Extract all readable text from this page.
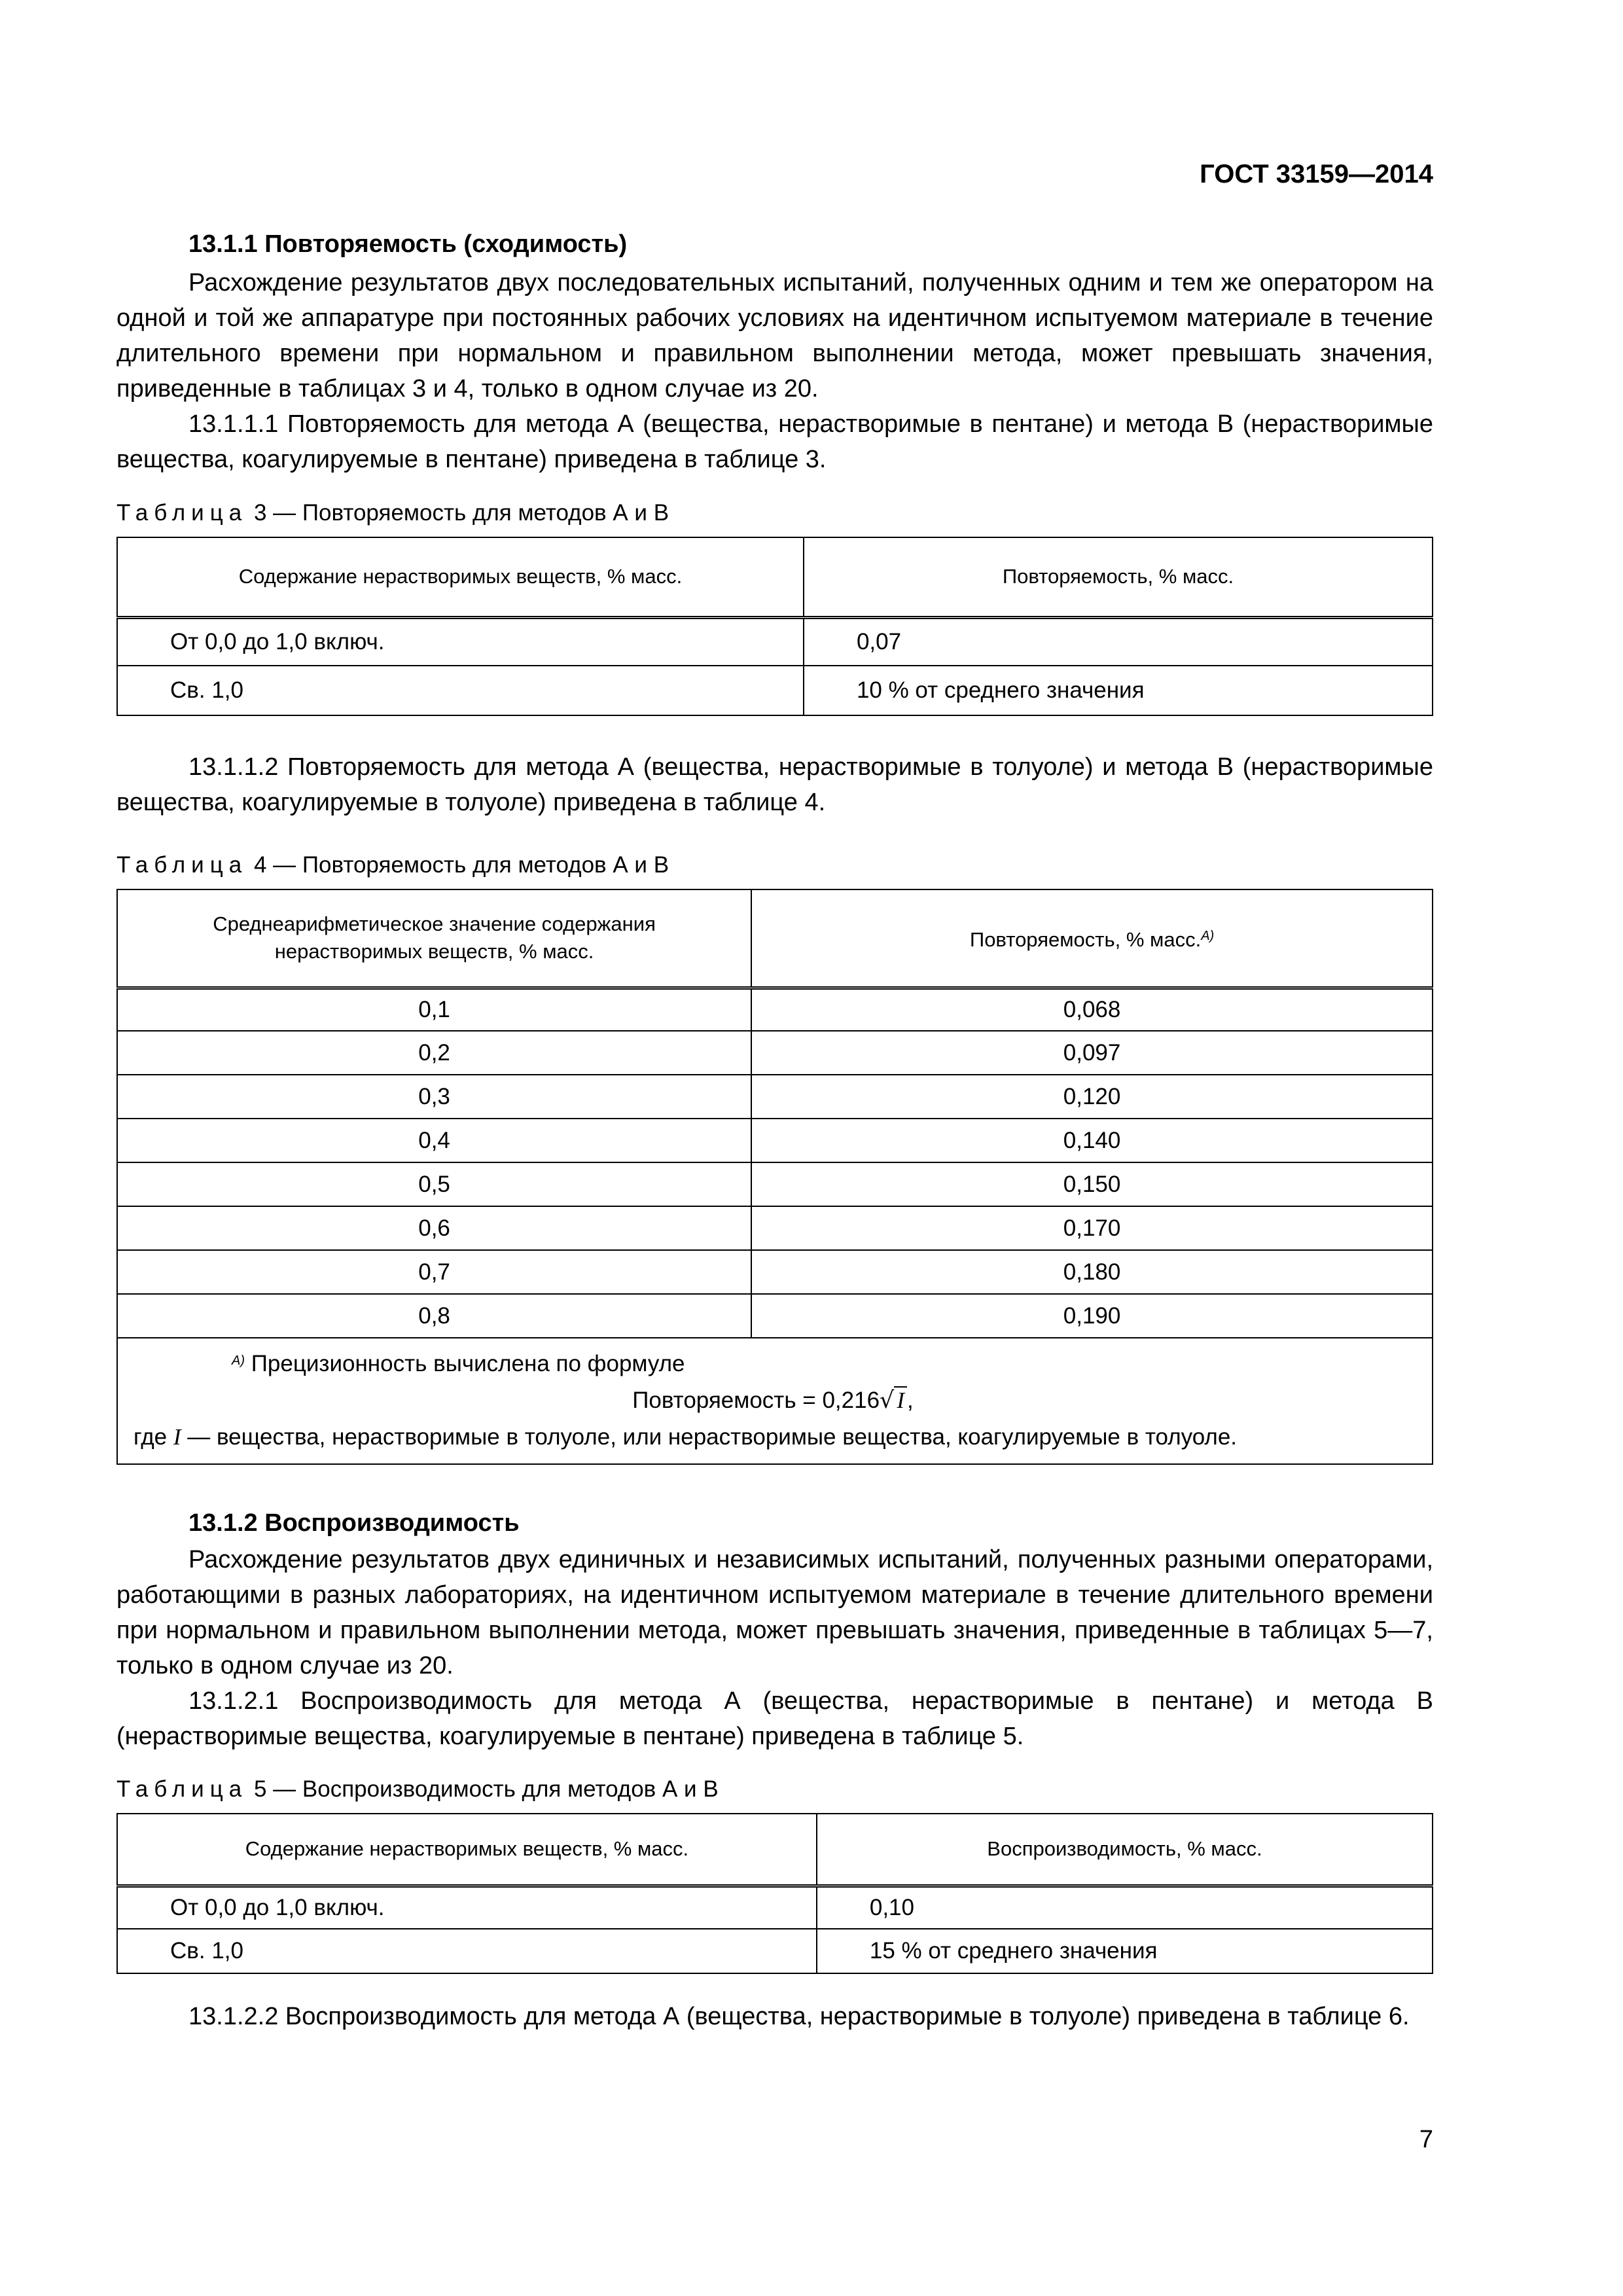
ГОСТ 33159—2014
13.1.1 Повторяемость (сходимость)

Расхождение результатов двух последовательных испытаний, полученных одним и тем же оператором на одной и той же аппаратуре при постоянных рабочих условиях на идентичном испытуемом материале в течение длительного времени при нормальном и правильном выполнении метода, может превышать значения, приведенные в таблицах 3 и 4, только в одном случае из 20.

13.1.1.1 Повторяемость для метода А (вещества, нерастворимые в пентане) и метода В (нерастворимые вещества, коагулируемые в пентане) приведена в таблице 3.

Таблица 3 — Повторяемость для методов А и В
Содержание нерастворимых веществ, % масс.	Повторяемость, % масс.
От 0,0 до 1,0 включ.	0,07
Св. 1,0	10 % от среднего значения

13.1.1.2 Повторяемость для метода А (вещества, нерастворимые в толуоле) и метода В (нерастворимые вещества, коагулируемые в толуоле) приведена в таблице 4.

Таблица 4 — Повторяемость для методов А и В
Среднеарифметическое значение содержания
нерастворимых веществ, % масс.	Повторяемость, % масс.$^{А)}$
0,1	0,068
0,2	0,097
0,3	0,120
0,4	0,140
0,5	0,150
0,6	0,170
0,7	0,180
0,8	0,190

$^{А)}$ Прецизионность вычислена по формуле
Повторяемость = 0,216√ I ,
где I — вещества, нерастворимые в толуоле, или нерастворимые вещества, коагулируемые в толуоле.	
13.1.2 Воспроизводимость

Расхождение результатов двух единичных и независимых испытаний, полученных разными операторами, работающими в разных лабораториях, на идентичном испытуемом материале в течение длительного времени при нормальном и правильном выполнении метода, может превышать значения, приведенные в таблицах 5—7, только в одном случае из 20.

13.1.2.1 Воспроизводимость для метода А (вещества, нерастворимые в пентане) и метода В (нерастворимые вещества, коагулируемые в пентане) приведена в таблице 5.

Таблица 5 — Воспроизводимость для методов А и В
Содержание нерастворимых веществ, % масс.	Воспроизводимость, % масс.
От 0,0 до 1,0 включ.	0,10
Св. 1,0	15 % от среднего значения

13.1.2.2 Воспроизводимость для метода А (вещества, нерастворимые в толуоле) приведена в таблице 6.

7
